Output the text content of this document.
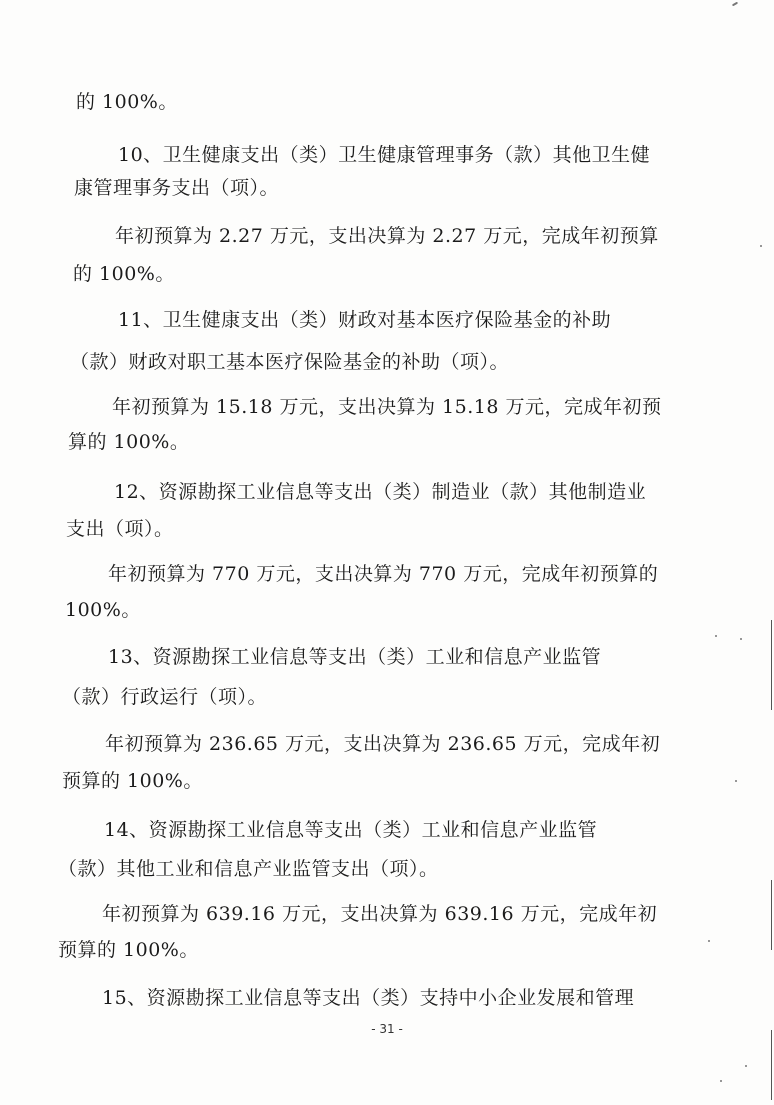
的 100%。
10、卫生健康支出（类）卫生健康管理事务（款）其他卫生健
康管理事务支出（项）。
年初预算为 2.27 万元，支出决算为 2.27 万元，完成年初预算
的 100%。
11、卫生健康支出（类）财政对基本医疗保险基金的补助
（款）财政对职工基本医疗保险基金的补助（项）。
年初预算为 15.18 万元，支出决算为 15.18 万元，完成年初预
算的 100%。
12、资源勘探工业信息等支出（类）制造业（款）其他制造业
支出（项）。
年初预算为 770 万元，支出决算为 770 万元，完成年初预算的
100%。
13、资源勘探工业信息等支出（类）工业和信息产业监管
（款）行政运行（项）。
年初预算为 236.65 万元，支出决算为 236.65 万元，完成年初
预算的 100%。
14、资源勘探工业信息等支出（类）工业和信息产业监管
（款）其他工业和信息产业监管支出（项）。
年初预算为 639.16 万元，支出决算为 639.16 万元，完成年初
预算的 100%。
15、资源勘探工业信息等支出（类）支持中小企业发展和管理
- 31 -
